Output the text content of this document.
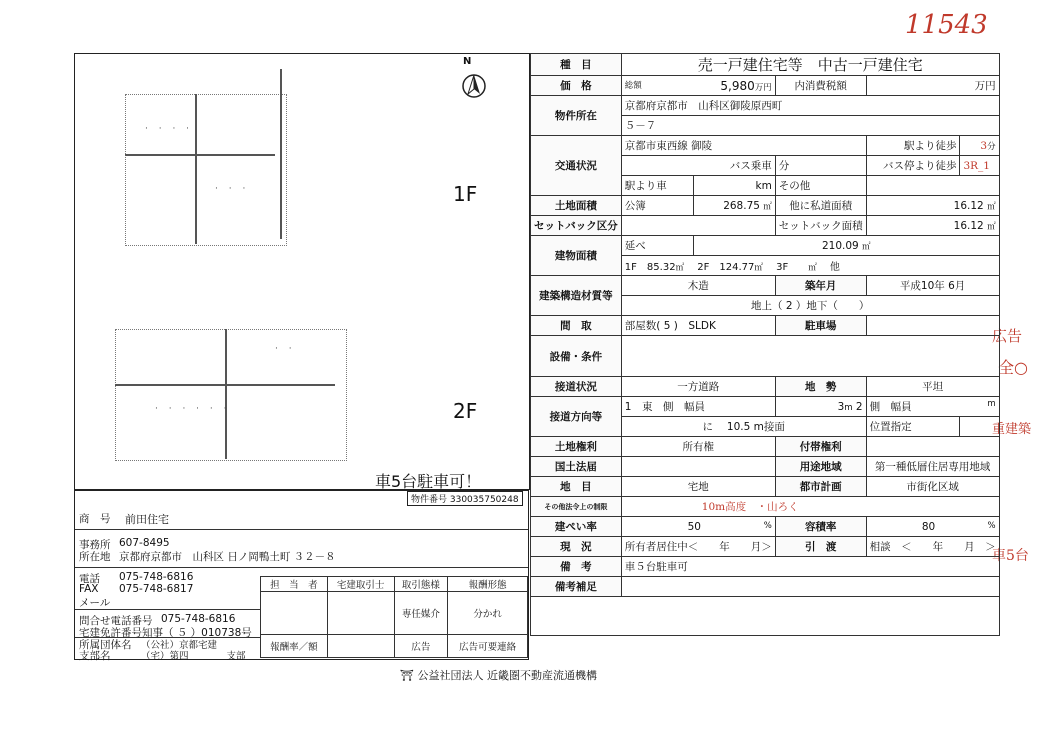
11543
広告
全○
重建築
車5台
N
· · · ·
· · ·	1F
· · · · · ·
· ·
2F
車5台駐車可！
物件番号 330035750248
商　号 前田住宅
事務所 607-8495
所在地 京都府京都市　山科区 日ノ岡鴨土町 ３２－８
電話 075-748-6816
FAX 075-748-6817
メール
問合せ電話番号 075-748-6816
宅建免許番号知事（ ５ ）010738号
所属団体名 （公社）京都宅建
支部名	（宅）第四　　　　支部
担　当　者	宅建取引士	取引態様	報酬形態
		専任媒介	分かれ
報酬率／額		広告	広告可要連絡
種　目	売一戸建住宅等　中古一戸建住宅				
価　格	総額 5,980万円		内消費税額	万円	
物件所在	京都府京都市　山科区御陵原西町				
	５－７				
交通状況	京都市東西線 御陵			駅より徒歩	3分
	バス乗車		分	バス停より徒歩	3R_1
	駅より車	km	その他		
土地面積	公簿	268.75 ㎡	他に私道面積	16.12 ㎡	
セットバック区分			セットバック面積	16.12 ㎡	
建物面積	延べ	210.09 ㎡			
	1F　 85.32㎡　 2F　 124.77㎡　 3F　　 ㎡　 他				
建築構造材質等	木造		築年月	平成10年 6月	
	地上（ 2 ）地下（　　）				
間　取	部屋数( 5 )　SLDK		駐車場		
設備・条件					
接道状況	一方道路		地　勢	平坦	
接道方向等	1　 東　側　幅員		3m 2	側　幅員 m	

	に　 10.5 m接面			位置指定	
土地権利	所有権		付帯権利		
国土法届			用途地域	第一種低層住居専用地域	
地　目	宅地		都市計画	市街化区域	
その他法令上の制限	10m高度　・山ろく				
建ぺい率	50 %		容積率	80 %	

現　況	所有者居住中＜　　年　　月＞		引　渡	相談　＜　　年　　月　＞	
備　考	車５台駐車可				
備考補足					

⛩ 公益社団法人 近畿圏不動産流通機構
